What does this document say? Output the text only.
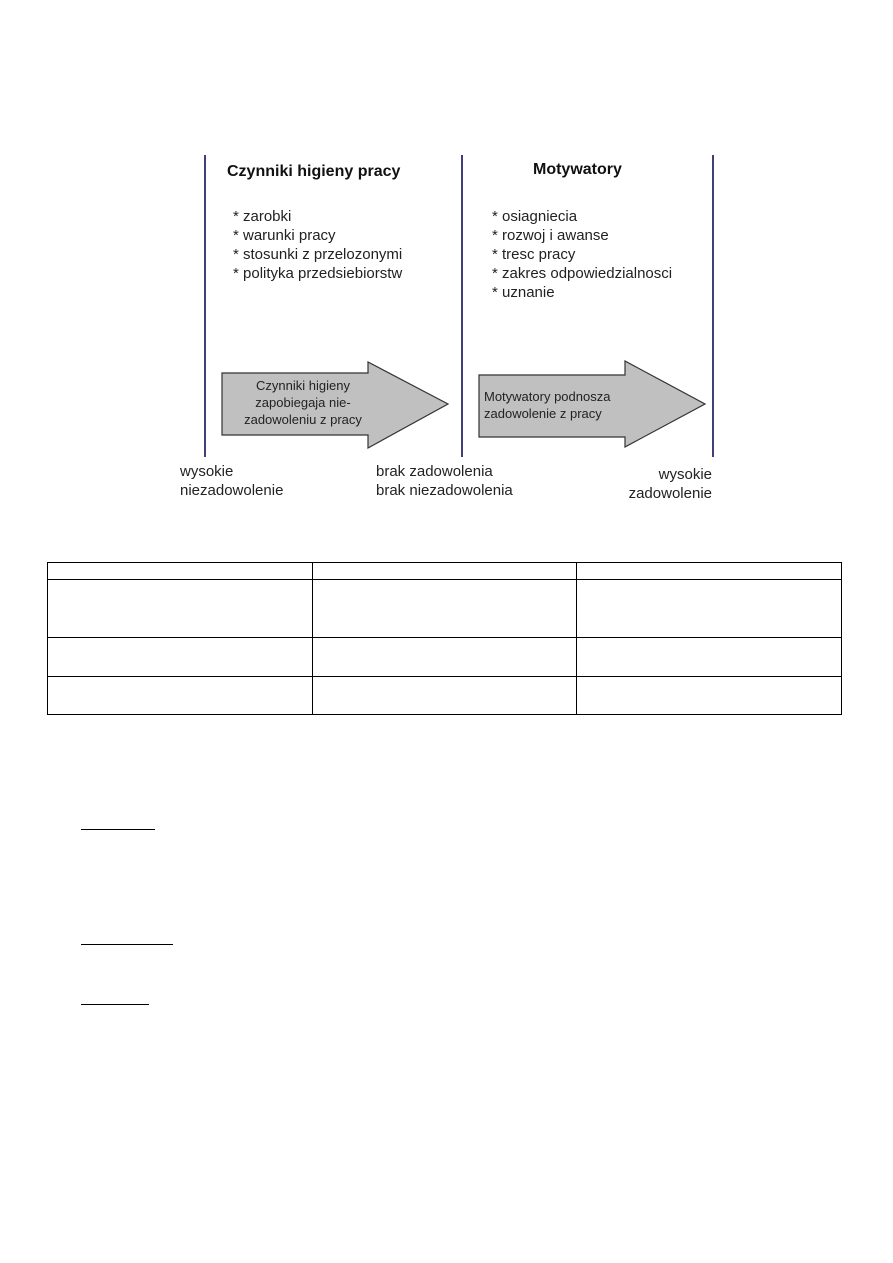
Czynniki higieny pracy
* zarobki
* warunki pracy
* stosunki z przelozonymi
* polityka przedsiebiorstw
Motywatory
* osiagniecia
* rozwoj i awanse
* tresc pracy
* zakres odpowiedzialnosci
* uznanie
Czynniki higieny
zapobiegaja nie-
zadowoleniu z pracy
Motywatory podnosza
zadowolenie z pracy
wysokie
niezadowolenie
brak zadowolenia
brak niezadowolenia
wysokie
zadowolenie
